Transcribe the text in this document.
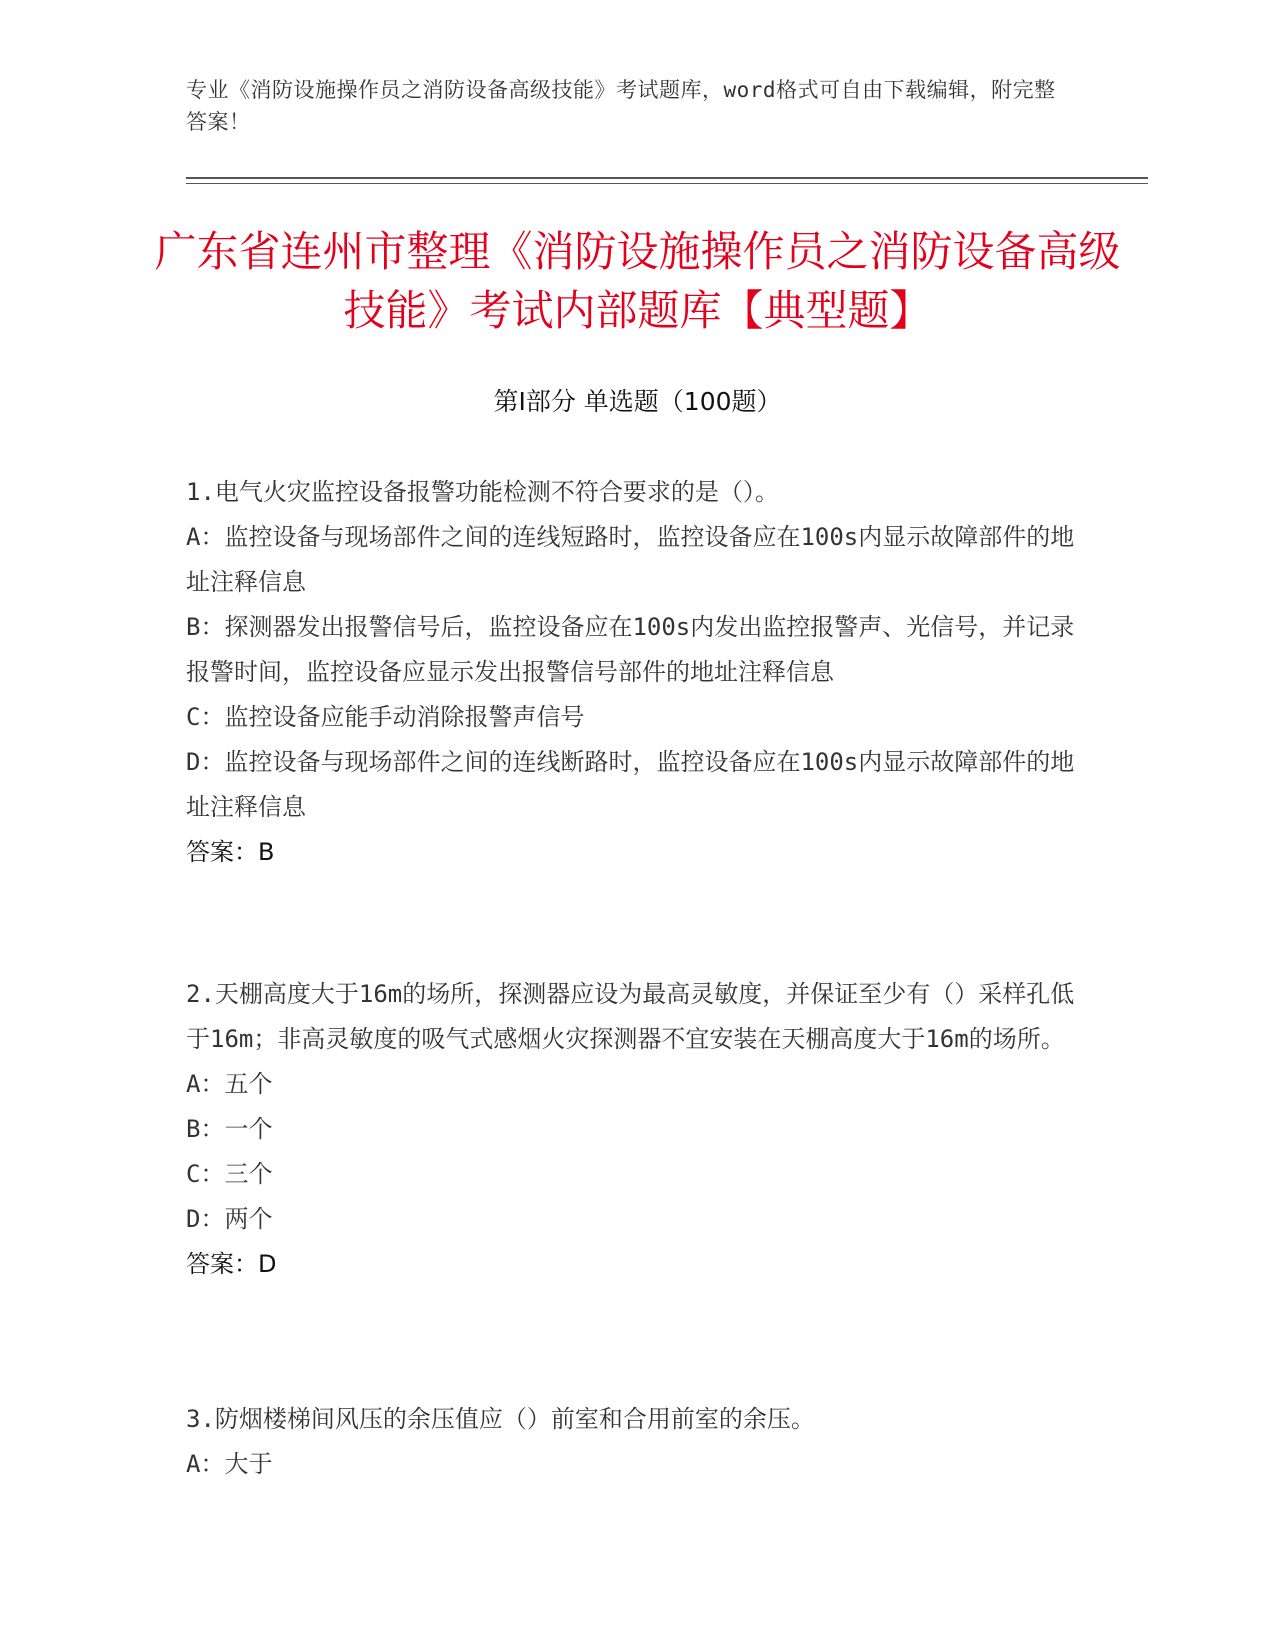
专业《消防设施操作员之消防设备高级技能》考试题库，word格式可自由下载编辑，附完整答案！
广东省连州市整理《消防设施操作员之消防设备高级技能》考试内部题库【典型题】
第Ⅰ部分 单选题（100题）

1.电气火灾监控设备报警功能检测不符合要求的是（）。

A：监控设备与现场部件之间的连线短路时，监控设备应在100s内显示故障部件的地址注释信息

B：探测器发出报警信号后，监控设备应在100s内发出监控报警声、光信号，并记录报警时间，监控设备应显示发出报警信号部件的地址注释信息

C：监控设备应能手动消除报警声信号

D：监控设备与现场部件之间的连线断路时，监控设备应在100s内显示故障部件的地址注释信息

答案：B

2.天棚高度大于16m的场所，探测器应设为最高灵敏度，并保证至少有（）采样孔低于16m；非高灵敏度的吸气式感烟火灾探测器不宜安装在天棚高度大于16m的场所。

A：五个

B：一个

C：三个

D：两个

答案：D

3.防烟楼梯间风压的余压值应（）前室和合用前室的余压。

A：大于
